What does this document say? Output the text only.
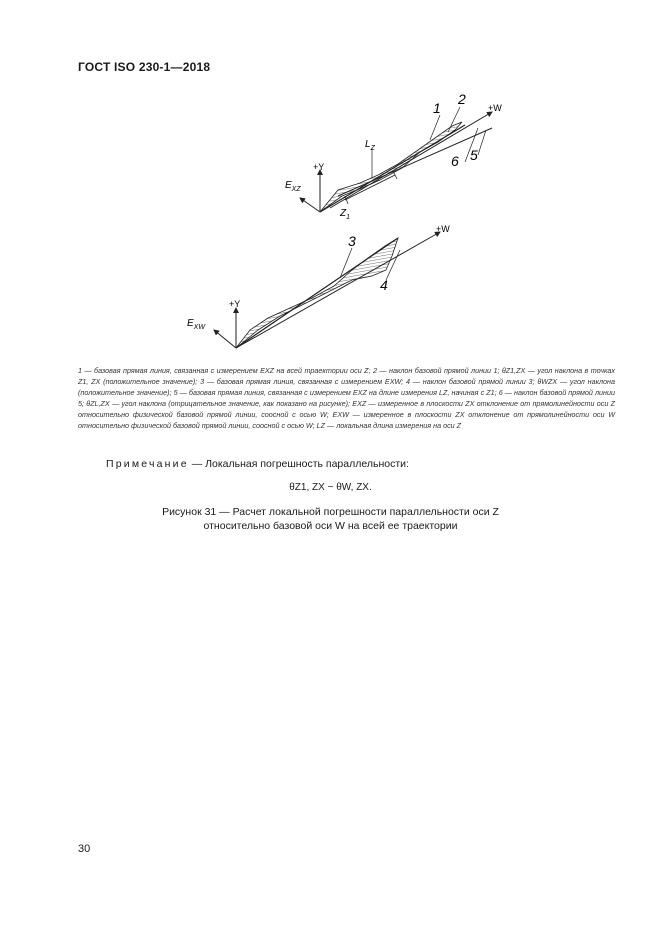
ГОСТ ISO 230-1—2018
1
2
+W
6 5
+Y
$E_{XZ}$
$L_Z$
$Z_1$
3
4
+W
+Y
$E_{XW}$
1 — базовая прямая линия, связанная с измерением EXZ на всей траектории оси Z; 2 — наклон базовой прямой линии 1; θZ1,ZX — угол наклона в точках Z1, ZX (положительное значение); 3 — базовая прямая линия, связанная с измерением EXW; 4 — наклон базовой прямой линии 3; θWZX — угол наклона (положительное значение); 5 — базовая прямая линия, связанная с измерением EXZ на длине измерения LZ, начиная с Z1; 6 — наклон базовой прямой линии 5; θZL,ZX — угол наклона (отрицательное значение, как показано на рисунке); EXZ — измеренное в плоскости ZX отклонение от прямолинейности оси Z относительно физической базовой прямой линии, соосной с осью W; EXW — измеренное в плоскости ZX отклонение от прямолинейности оси W относительно физической базовой прямой линии, соосной с осью W; LZ — локальная длина измерения на оси Z
Примечание — Локальная погрешность параллельности:
θZ1, ZX − θW, ZX.
Рисунок 31 — Расчет локальной погрешности параллельности оси Z
относительно базовой оси W на всей ее траектории
30
